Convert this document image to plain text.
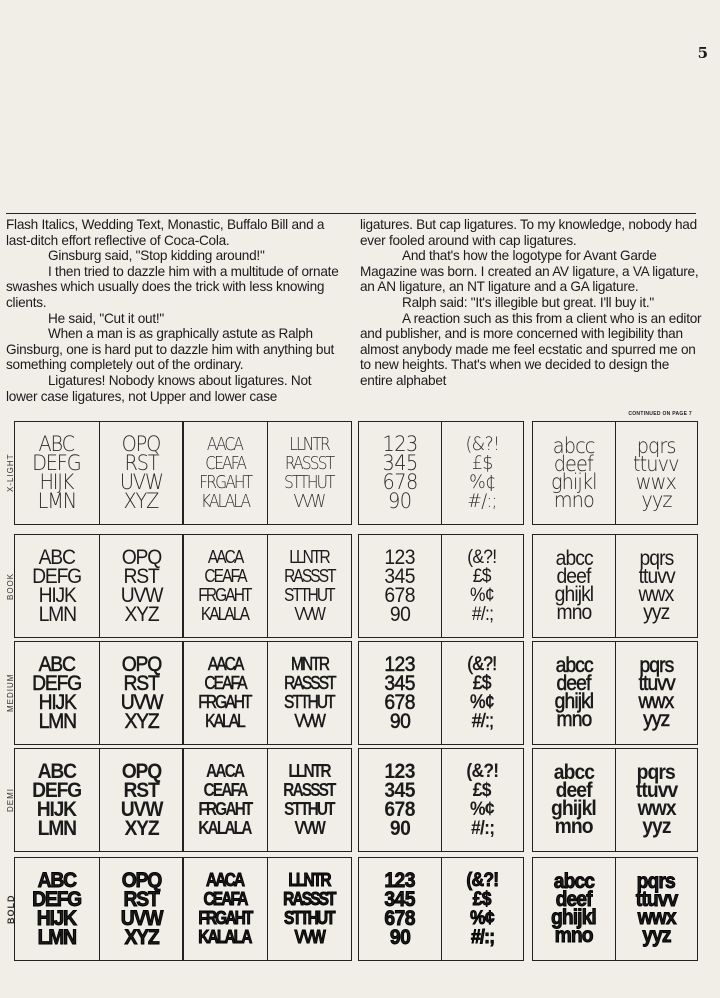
5

Flash Italics, Wedding Text, Monastic, Buffalo Bill and a last-ditch effort reflective of Coca-Cola.

Ginsburg said, "Stop kidding around!"

I then tried to dazzle him with a multitude of ornate swashes which usually does the trick with less knowing clients.

He said, "Cut it out!"

When a man is as graphically astute as Ralph Ginsburg, one is hard put to dazzle him with anything but something completely out of the ordinary.

Ligatures! Nobody knows about ligatures. Not lower case ligatures, not Upper and lower case

ligatures. But cap ligatures. To my knowledge, nobody had ever fooled around with cap ligatures.

And that's how the logotype for Avant Garde Magazine was born. I created an AV ligature, a VA ligature, an AN ligature, an NT ligature and a GA ligature.

Ralph said: "It's illegible but great. I'll buy it."

A reaction such as this from a client who is an editor and publisher, and is more concerned with legibility than almost anybody made me feel ecstatic and spurred me on to new heights. That's when we decided to design the entire alphabet

CONTINUED ON PAGE 7
X-LIGHT
ABC
DEFG
HIJK
LMN
OPQ
RST
UVW
XYZ
AACA
CEAFA
FRGAHT
KALALA
LLNTR
RASSST
STTHUT
VVW
123
345
678
90
(&?!
£$
%¢
#/:;
abcc
deef
ghijkl
mno
pqrs
ttuvv
wwx
yyz
BOOK
ABC
DEFG
HIJK
LMN
OPQ
RST
UVW
XYZ
AACA
CEAFA
FRGAHT
KALALA
LLNTR
RASSST
STTHUT
VVW
123
345
678
90
(&?!
£$
%¢
#/:;
abcc
deef
ghijkl
mno
pqrs
ttuvv
wwx
yyz
MEDIUM
ABC
DEFG
HIJK
LMN
OPQ
RST
UVW
XYZ
AACA
CEAFA
FRGAHT
KALAL
MNTR
RASSST
STTHUT
VVW
123
345
678
90
(&?!
£$
%¢
#/:;
abcc
deef
ghijkl
mno
pqrs
ttuvv
wwx
yyz
DEMI
ABC
DEFG
HIJK
LMN
OPQ
RST
UVW
XYZ
AACA
CEAFA
FRGAHT
KALALA
LLNTR
RASSST
STTHUT
VVW
123
345
678
90
(&?!
£$
%¢
#/:;
abcc
deef
ghijkl
mno
pqrs
ttuvv
wwx
yyz
BOLD
ABC
DEFG
HIJK
LMN
OPQ
RST
UVW
XYZ
AACA
CEAFA
FRGAHT
KALALA
LLNTR
RASSST
STTHUT
VVW
123
345
678
90
(&?!
£$
%¢
#/:;
abcc
deef
ghijkl
mno
pqrs
ttuvv
wwx
yyz
